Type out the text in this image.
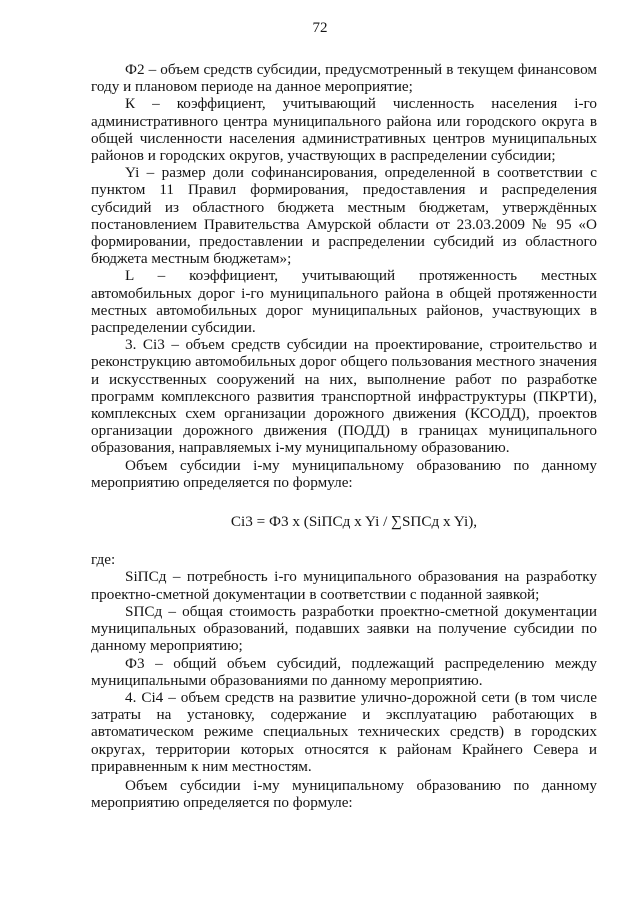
72

Ф2 – объем средств субсидии, предусмотренный в текущем финансовом году и плановом периоде на данное мероприятие;

К – коэффициент, учитывающий численность населения i-го административного центра муниципального района или городского округа в общей численности населения административных центров муниципальных районов и городских округов, участвующих в распределении субсидии;

Yi – размер доли софинансирования, определенной в соответствии с пунктом 11 Правил формирования, предоставления и распределения субсидий из областного бюджета местным бюджетам, утверждённых постановлением Правительства Амурской области от 23.03.2009 № 95 «О формировании, предоставлении и распределении субсидий из областного бюджета местным бюджетам»;

L – коэффициент, учитывающий протяженность местных автомобильных дорог i-го муниципального района в общей протяженности местных автомобильных дорог муниципальных районов, участвующих в распределении субсидии.

3. Ci3 – объем средств субсидии на проектирование, строительство и реконструкцию автомобильных дорог общего пользования местного значения и искусственных сооружений на них, выполнение работ по разработке программ комплексного развития транспортной инфраструктуры (ПКРТИ), комплексных схем организации дорожного движения (КСОДД), проектов организации дорожного движения (ПОДД) в границах муниципального образования, направляемых i-му муниципальному образованию.

Объем субсидии i-му муниципальному образованию по данному мероприятию определяется по формуле:

Ci3 = Ф3 x (SiПСд x Yi / ∑SПСд x Yi),

где:

SiПСд – потребность i-го муниципального образования на разработку проектно-сметной документации в соответствии с поданной заявкой;

SПСд – общая стоимость разработки проектно-сметной документации муниципальных образований, подавших заявки на получение субсидии по данному мероприятию;

Ф3 – общий объем субсидий, подлежащий распределению между муниципальными образованиями по данному мероприятию.

4. Ci4 – объем средств на развитие улично-дорожной сети (в том числе затраты на установку, содержание и эксплуатацию работающих в автоматическом режиме специальных технических средств) в городских округах, территории которых относятся к районам Крайнего Севера и приравненным к ним местностям.

Объем субсидии i-му муниципальному образованию по данному мероприятию определяется по формуле:
